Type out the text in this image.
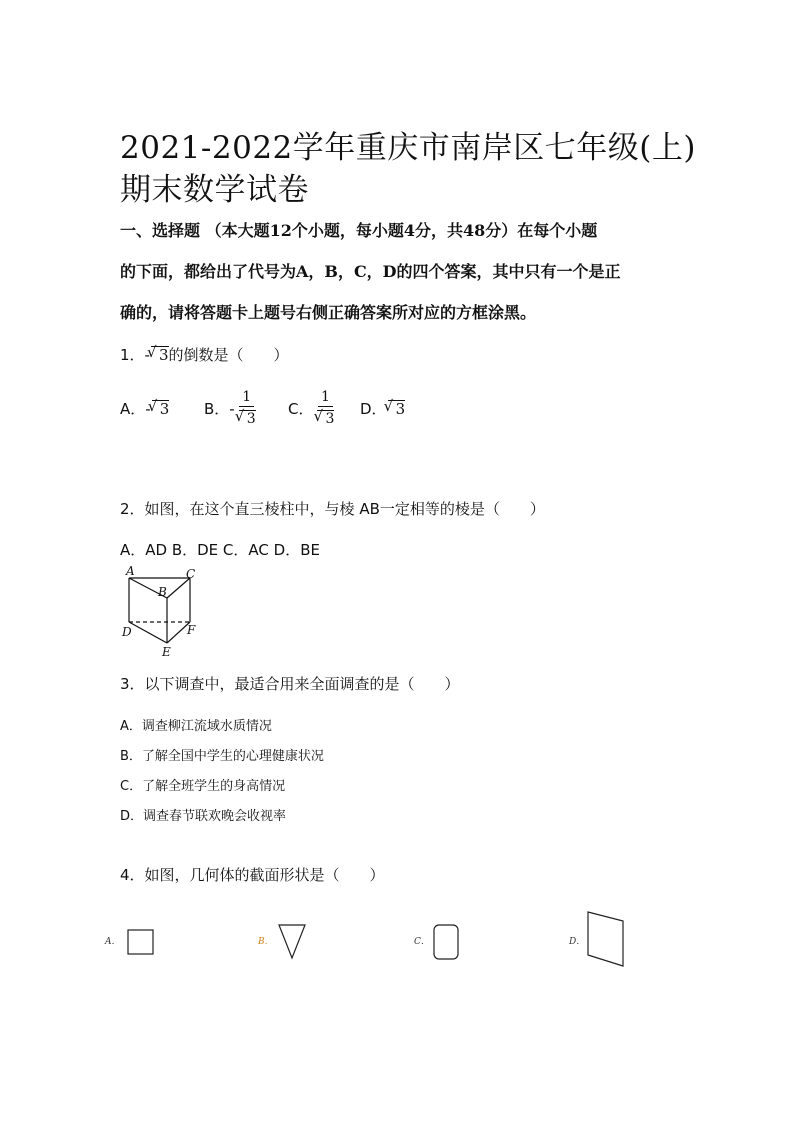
2021-2022学年重庆市南岸区七年级(上)
期末数学试卷
一、选择题 （本大题12个小题，每小题4分，共48分）在每个小题
的下面，都给出了代号为A，B，C，D的四个答案，其中只有一个是正
确的，请将答题卡上题号右侧正确答案所对应的方框涂黑。
1．- √ 3的倒数是（　　）
A．- √ 3	B． - 1
√ 3 C． 1
√ 3 D． √ 3
2．如图，在这个直三棱柱中，与棱 AB一定相等的棱是（　　）
A．AD B．DE C．AC D．BE
A
B
C
D
E
F
3．以下调查中，最适合用来全面调查的是（　　）
A．调查柳江流域水质情况
B．了解全国中学生的心理健康状况
C．了解全班学生的身高情况
D．调查春节联欢晚会收视率
4．如图，几何体的截面形状是（　　）
A．	B．	C．	D．
